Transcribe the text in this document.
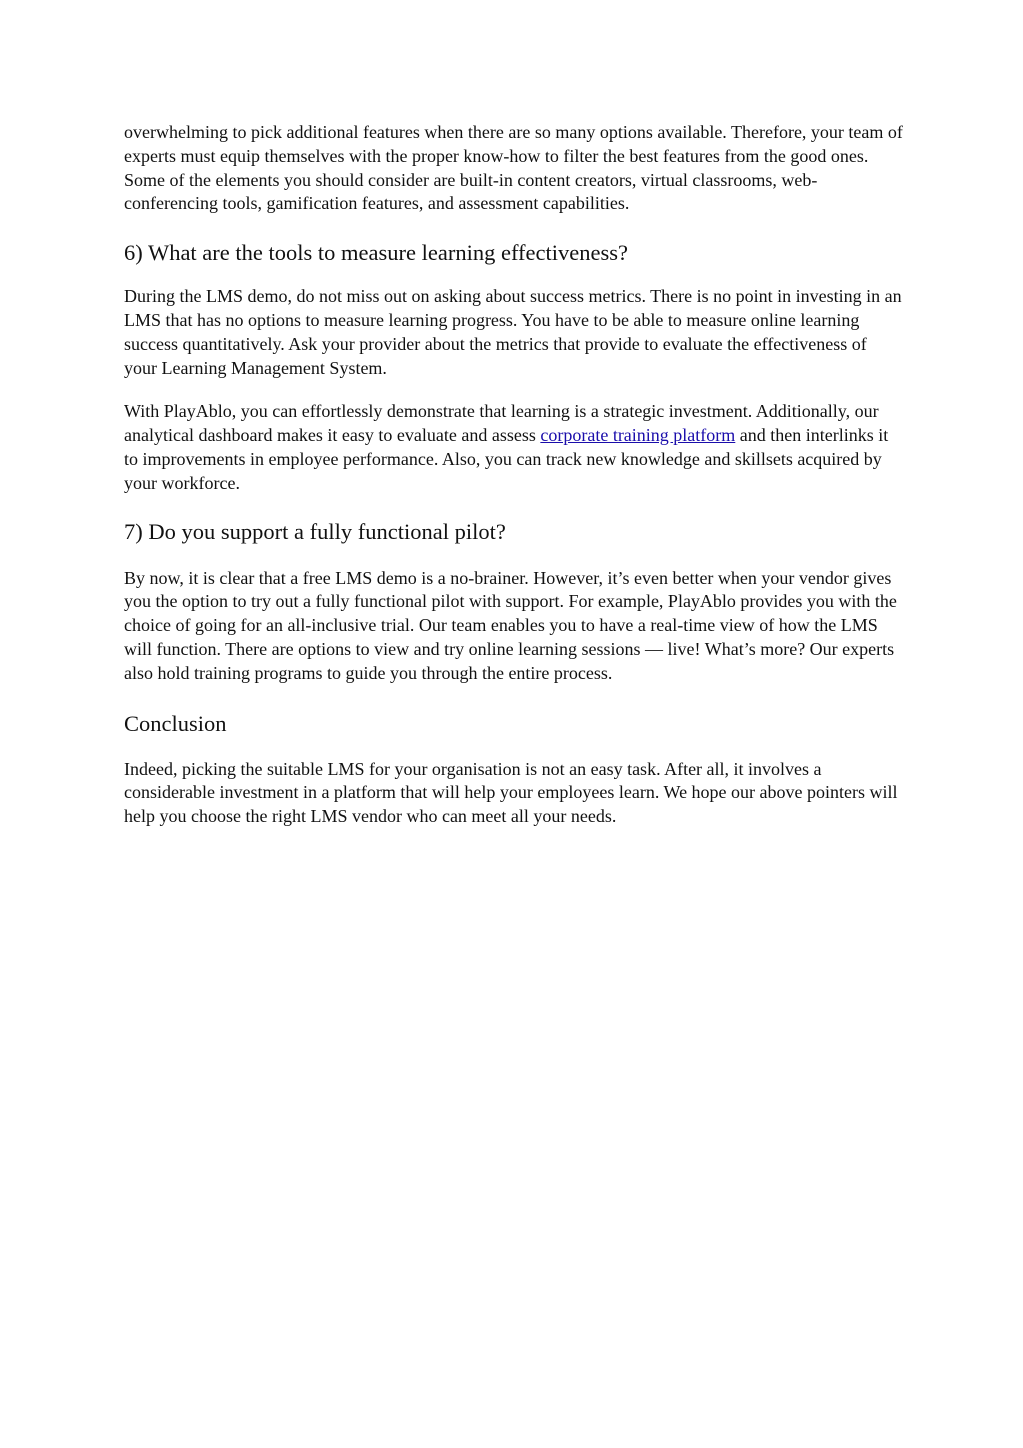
overwhelming to pick additional features when there are so many options available. Therefore, your team of experts must equip themselves with the proper know-how to filter the best features from the good ones. Some of the elements you should consider are built-in content creators, virtual classrooms, web-conferencing tools, gamification features, and assessment capabilities.

6) What are the tools to measure learning effectiveness?

During the LMS demo, do not miss out on asking about success metrics. There is no point in investing in an LMS that has no options to measure learning progress. You have to be able to measure online learning success quantitatively. Ask your provider about the metrics that provide to evaluate the effectiveness of your Learning Management System.

With PlayAblo, you can effortlessly demonstrate that learning is a strategic investment. Additionally, our analytical dashboard makes it easy to evaluate and assess corporate training platform and then interlinks it to improvements in employee performance. Also, you can track new knowledge and skillsets acquired by your workforce.

7) Do you support a fully functional pilot?

By now, it is clear that a free LMS demo is a no-brainer. However, it’s even better when your vendor gives you the option to try out a fully functional pilot with support. For example, PlayAblo provides you with the choice of going for an all-inclusive trial. Our team enables you to have a real-time view of how the LMS will function. There are options to view and try online learning sessions — live! What’s more? Our experts also hold training programs to guide you through the entire process.

Conclusion

Indeed, picking the suitable LMS for your organisation is not an easy task. After all, it involves a considerable investment in a platform that will help your employees learn. We hope our above pointers will help you choose the right LMS vendor who can meet all your needs.
